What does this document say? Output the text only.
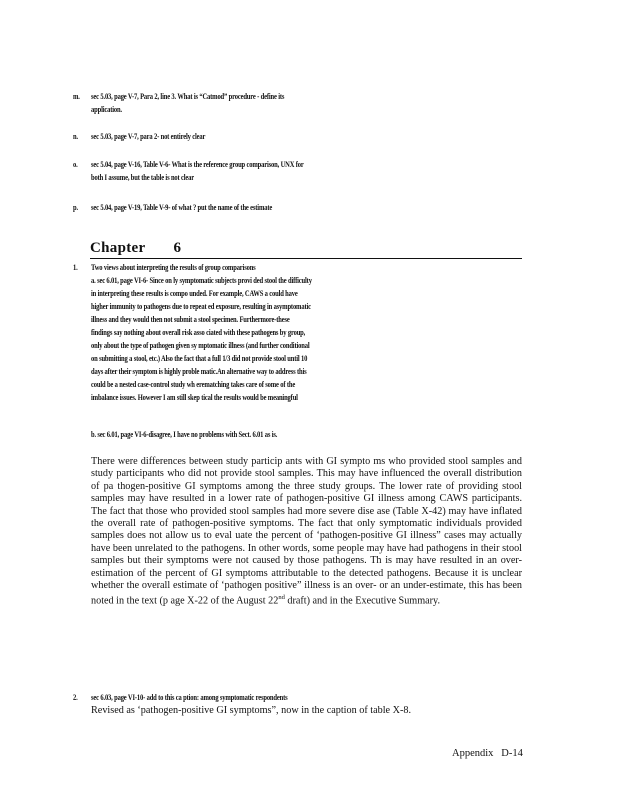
m. sec 5.03, page V-7, Para 2, line 3. What is “Catmod” procedure - define its
application.
n. sec 5.03, page V-7, para 2- not entirely clear
o. sec 5.04, page V-16, Table V-6- What is the reference group comparison, UNX for
both I assume, but the table is not clear
p. sec 5.04, page V-19, Table V-9- of what ? put the name of the estimate
Chapter 6
1. Two views about interpreting the results of group comparisons
a. sec 6.01, page VI-6- Since on ly symptomatic subjects provi ded stool the difficulty
in interpreting these results is compo unded. For example, CAWS a could have
higher immunity to pathogens due to repeat ed exposure, resulting in asymptomatic
illness and they would then not submit a stool specimen. Furthermore-these
findings say nothing about overall risk asso ciated with these pathogens by group,
only about the type of pathogen given sy mptomatic illness (and further conditional
on submitting a stool, etc.) Also the fact that a full 1/3 did not provide stool until 10
days after their symptom is highly proble matic.An alternative way to address this
could be a nested case-control study wh erematching takes care of some of the
imbalance issues. However I am still skep tical the results would be meaningful
b. sec 6.01, page VI-6-disagree, I have no problems with Sect. 6.01 as is.
There were differences between study particip ants with GI sympto ms who provided stool samples and study participants who did not provide stool samples. This may have influenced the overall distribution of pa thogen-positive GI symptoms among the three study groups. The lower rate of providing stool samples may have resulted in a lower rate of pathogen-positive GI illness among CAWS participants. The fact that those who provided stool samples had more severe dise ase (Table X-42) may have inflated the overall rate of pathogen-positive symptoms. The fact that only symptomatic individuals provided samples does not allow us to eval uate the percent of ‘pathogen-positive GI illness” cases may actually have been unrelated to the pathogens. In other words, some people may have had pathogens in their stool samples but their symptoms were not caused by those pathogens. Th is may have resulted in an over-estimation of the percent of GI symptoms attributable to the detected pathogens. Because it is unclear whether the overall estimate of ‘pathogen positive” illness is an over- or an under-estimate, this has been noted in the text (p age X-22 of the August 22nd draft) and in the Executive Summary.
2. sec 6.03, page VI-10- add to this ca ption: among symptomatic respondents
Revised as ‘pathogen-positive GI symptoms”, now in the caption of table X-8.
Appendix   D-14
